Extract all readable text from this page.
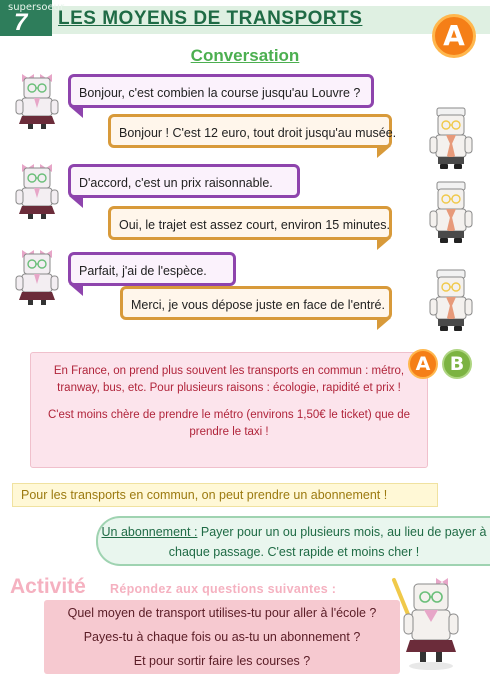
supersoeur
7 LES MOYENS DE TRANSPORTS
A
Conversation
Bonjour, c'est combien la course jusqu'au Louvre ?
Bonjour ! C'est 12 euro, tout droit jusqu'au musée.
D'accord, c'est un prix raisonnable.
Oui, le trajet est assez court, environ 15 minutes.
Parfait, j'ai de l'espèce.
Merci, je vous dépose juste en face de l'entré.

En France, on prend plus souvent les transports en commun : métro, tranway, bus, etc. Pour plusieurs raisons : écologie, rapidité et prix !

C'est moins chère de prendre le métro (environs 1,50€ le ticket) que de prendre le taxi !

A	B
Pour les transports en commun, on peut prendre un abonnement !
Un abonnement : Payer pour un ou plusieurs mois, au lieu de payer à chaque passage. C'est rapide et moins cher !
Activité Répondez aux questions suivantes :
Quel moyen de transport utilises-tu pour aller à l'école ?
Payes-tu à chaque fois ou as-tu un abonnement ?
Et pour sortir faire les courses ?
